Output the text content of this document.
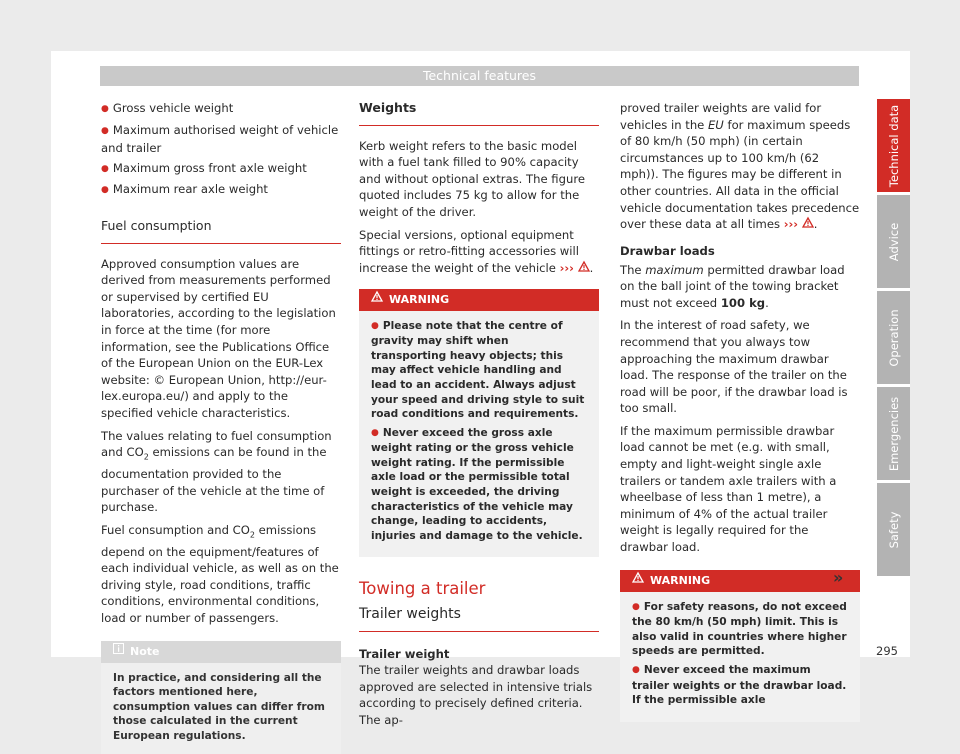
Technical features
● Gross vehicle weight
● Maximum authorised weight of vehicle and trailer
● Maximum gross front axle weight
● Maximum rear axle weight
Fuel consumption

Approved consumption values are derived from measurements performed or supervised by certified EU laboratories, according to the legislation in force at the time (for more information, see the Publications Office of the European Union on the EUR-Lex website: © European Union, http://eur-lex.europa.eu/) and apply to the specified vehicle characteristics.

The values relating to fuel consumption and $CO_2$ emissions can be found in the documentation provided to the purchaser of the vehicle at the time of purchase.

Fuel consumption and $CO_2$ emissions depend on the equipment/features of each individual vehicle, as well as on the driving style, road conditions, traffic conditions, environmental conditions, load or number of passengers.

Note
In practice, and considering all the factors mentioned here, consumption values can differ from those calculated in the current European regulations.
Weights

Kerb weight refers to the basic model with a fuel tank filled to 90% capacity and without optional extras. The figure quoted includes 75 kg to allow for the weight of the driver.

Special versions, optional equipment fittings or retro-fitting accessories will increase the weight of the vehicle ››› .

WARNING

● Please note that the centre of gravity may shift when transporting heavy objects; this may affect vehicle handling and lead to an accident. Always adjust your speed and driving style to suit road conditions and requirements.

● Never exceed the gross axle weight rating or the gross vehicle weight rating. If the permissible axle load or the permissible total weight is exceeded, the driving characteristics of the vehicle may change, leading to accidents, injuries and damage to the vehicle.

Towing a trailer
Trailer weights
Trailer weight

The trailer weights and drawbar loads approved are selected in intensive trials according to precisely defined criteria. The ap-

proved trailer weights are valid for vehicles in the EU for maximum speeds of 80 km/h (50 mph) (in certain circumstances up to 100 km/h (62 mph)). The figures may be different in other countries. All data in the official vehicle documentation takes precedence over these data at all times ››› .

Drawbar loads

The maximum permitted drawbar load on the ball joint of the towing bracket must not exceed 100 kg.

In the interest of road safety, we recommend that you always tow approaching the maximum drawbar load. The response of the trailer on the road will be poor, if the drawbar load is too small.

If the maximum permissible drawbar load cannot be met (e.g. with small, empty and light-weight single axle trailers or tandem axle trailers with a wheelbase of less than 1 metre), a minimum of 4% of the actual trailer weight is legally required for the drawbar load.

WARNING

● For safety reasons, do not exceed the 80 km/h (50 mph) limit. This is also valid in countries where higher speeds are permitted.

● Never exceed the maximum trailer weights or the drawbar load. If the permissible axle

»
Technical data
Advice
Operation
Emergencies
Safety
295
